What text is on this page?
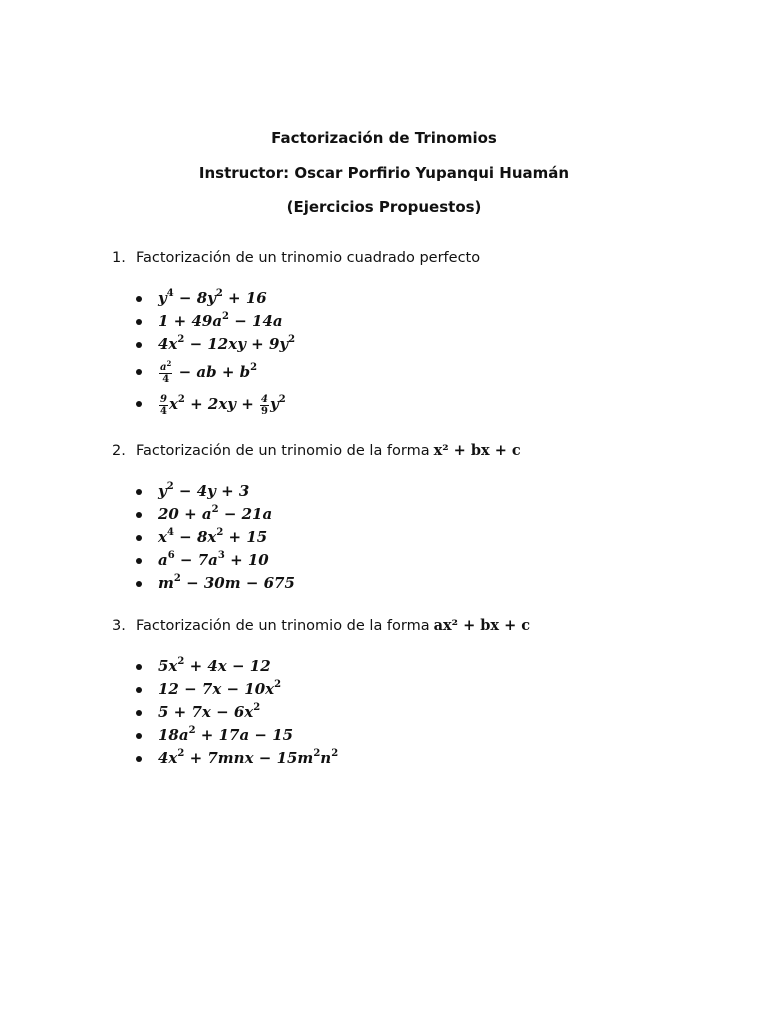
Factorización de Trinomios
Instructor: Oscar Porfirio Yupanqui Huamán
(Ejercicios Propuestos)
1. Factorización de un trinomio cuadrado perfecto
$y^4 - 8y^2 + 16$
$1 + 49a^2 - 14a$
$4x^2 - 12xy + 9y^2$
$\frac{a^2}{4}$ − ab + $b^2$
$\frac{9}{4} x^2 + 2xy + \frac{4}{9} y^2$
2. Factorización de un trinomio de la forma x² + bx + c
$y^2 - 4y + 3$
$20 + a^2 - 21a$
$x^4 - 8x^2 + 15$
$a^6 - 7a^3 + 10$
$m^2 - 30m - 675$
3. Factorización de un trinomio de la forma ax² + bx + c
$5x^2 + 4x - 12$
$12 - 7x - 10x^2$
$5 + 7x - 6x^2$
$18a^2 + 17a - 15$
$4x^2 + 7mnx - 15m^2n^2$
